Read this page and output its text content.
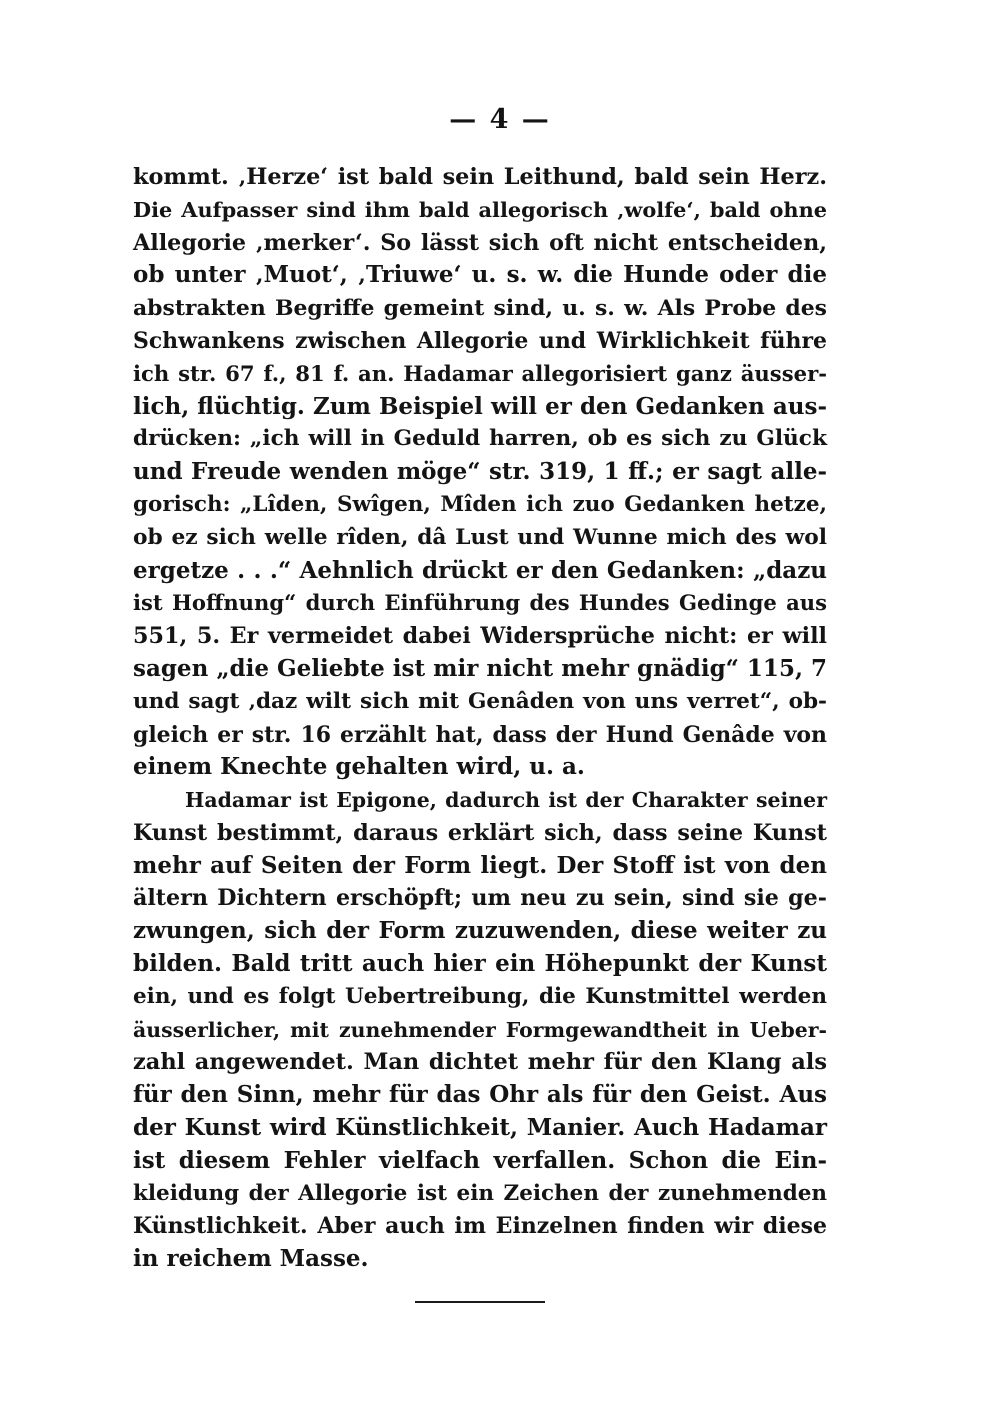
— 4 —
kommt. ‚Herze‘ ist bald sein Leithund, bald sein Herz.
Die Aufpasser sind ihm bald allegorisch ‚wolfe‘, bald ohne
Allegorie ‚merker‘. So lässt sich oft nicht entscheiden,
ob unter ‚Muot‘, ‚Triuwe‘ u. s. w. die Hunde oder die
abstrakten Begriffe gemeint sind, u. s. w. Als Probe des
Schwankens zwischen Allegorie und Wirklichkeit führe
ich str. 67 f., 81 f. an. Hadamar allegorisiert ganz äusser-
lich, flüchtig. Zum Beispiel will er den Gedanken aus-
drücken: „ich will in Geduld harren, ob es sich zu Glück
und Freude wenden möge“ str. 319, 1 ff.; er sagt alle-
gorisch: „Lîden, Swîgen, Mîden ich zuo Gedanken hetze,
ob ez sich welle rîden, dâ Lust und Wunne mich des wol
ergetze . . .“ Aehnlich drückt er den Gedanken: „dazu
ist Hoffnung“ durch Einführung des Hundes Gedinge aus
551, 5. Er vermeidet dabei Widersprüche nicht: er will
sagen „die Geliebte ist mir nicht mehr gnädig“ 115, 7
und sagt ‚daz wilt sich mit Genâden von uns verret“, ob-
gleich er str. 16 erzählt hat, dass der Hund Genâde von
einem Knechte gehalten wird, u. a.
Hadamar ist Epigone, dadurch ist der Charakter seiner
Kunst bestimmt, daraus erklärt sich, dass seine Kunst
mehr auf Seiten der Form liegt. Der Stoff ist von den
ältern Dichtern erschöpft; um neu zu sein, sind sie ge-
zwungen, sich der Form zuzuwenden, diese weiter zu
bilden. Bald tritt auch hier ein Höhepunkt der Kunst
ein, und es folgt Uebertreibung, die Kunstmittel werden
äusserlicher, mit zunehmender Formgewandtheit in Ueber-
zahl angewendet. Man dichtet mehr für den Klang als
für den Sinn, mehr für das Ohr als für den Geist. Aus
der Kunst wird Künstlichkeit, Manier. Auch Hadamar
ist diesem Fehler vielfach verfallen. Schon die Ein-
kleidung der Allegorie ist ein Zeichen der zunehmenden
Künstlichkeit. Aber auch im Einzelnen finden wir diese
in reichem Masse.
